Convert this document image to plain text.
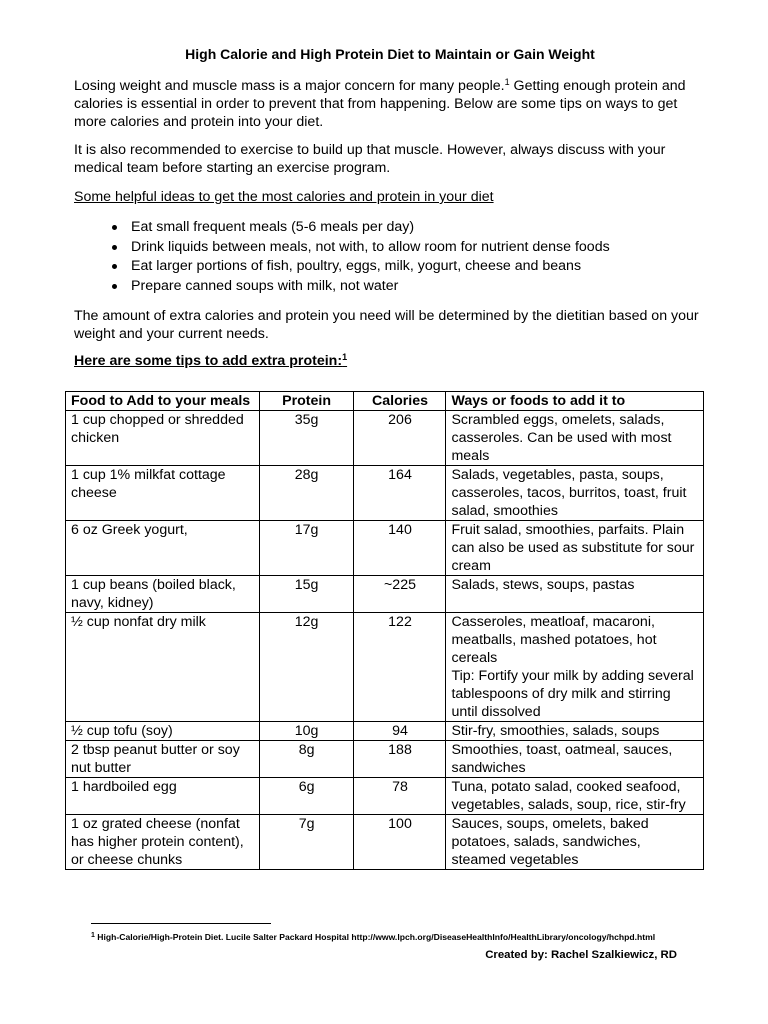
High Calorie and High Protein Diet to Maintain or Gain Weight

Losing weight and muscle mass is a major concern for many people.$^1$ Getting enough protein and calories is essential in order to prevent that from happening. Below are some tips on ways to get more calories and protein into your diet.

It is also recommended to exercise to build up that muscle. However, always discuss with your medical team before starting an exercise program.

Some helpful ideas to get the most calories and protein in your diet

Eat small frequent meals (5-6 meals per day)
Drink liquids between meals, not with, to allow room for nutrient dense foods
Eat larger portions of fish, poultry, eggs, milk, yogurt, cheese and beans
Prepare canned soups with milk, not water

The amount of extra calories and protein you need will be determined by the dietitian based on your weight and your current needs.

Here are some tips to add extra protein:$^1$

Food to Add to your meals	Protein	Calories	Ways or foods to add it to
1 cup chopped or shredded chicken	35g	206	Scrambled eggs, omelets, salads, casseroles. Can be used with most meals
1 cup 1% milkfat cottage cheese	28g	164	Salads, vegetables, pasta, soups, casseroles, tacos, burritos, toast, fruit salad, smoothies
6 oz Greek yogurt,	17g	140	Fruit salad, smoothies, parfaits. Plain can also be used as substitute for sour cream
1 cup beans (boiled black, navy, kidney)	15g	~225	Salads, stews, soups, pastas
½ cup nonfat dry milk	12g	122	Casseroles, meatloaf, macaroni, meatballs, mashed potatoes, hot cereals
Tip: Fortify your milk by adding several tablespoons of dry milk and stirring until dissolved

½ cup tofu (soy)	10g	94	Stir-fry, smoothies, salads, soups
2 tbsp peanut butter or soy nut butter	8g	188	Smoothies, toast, oatmeal, sauces, sandwiches
1 hardboiled egg	6g	78	Tuna, potato salad, cooked seafood, vegetables, salads, soup, rice, stir-fry
1 oz grated cheese (nonfat has higher protein content), or cheese chunks	7g	100	Sauces, soups, omelets, baked potatoes, salads, sandwiches, steamed vegetables
$^1$ High-Calorie/High-Protein Diet. Lucile Salter Packard Hospital http://www.lpch.org/DiseaseHealthInfo/HealthLibrary/oncology/hchpd.html
Created by: Rachel Szalkiewicz, RD
